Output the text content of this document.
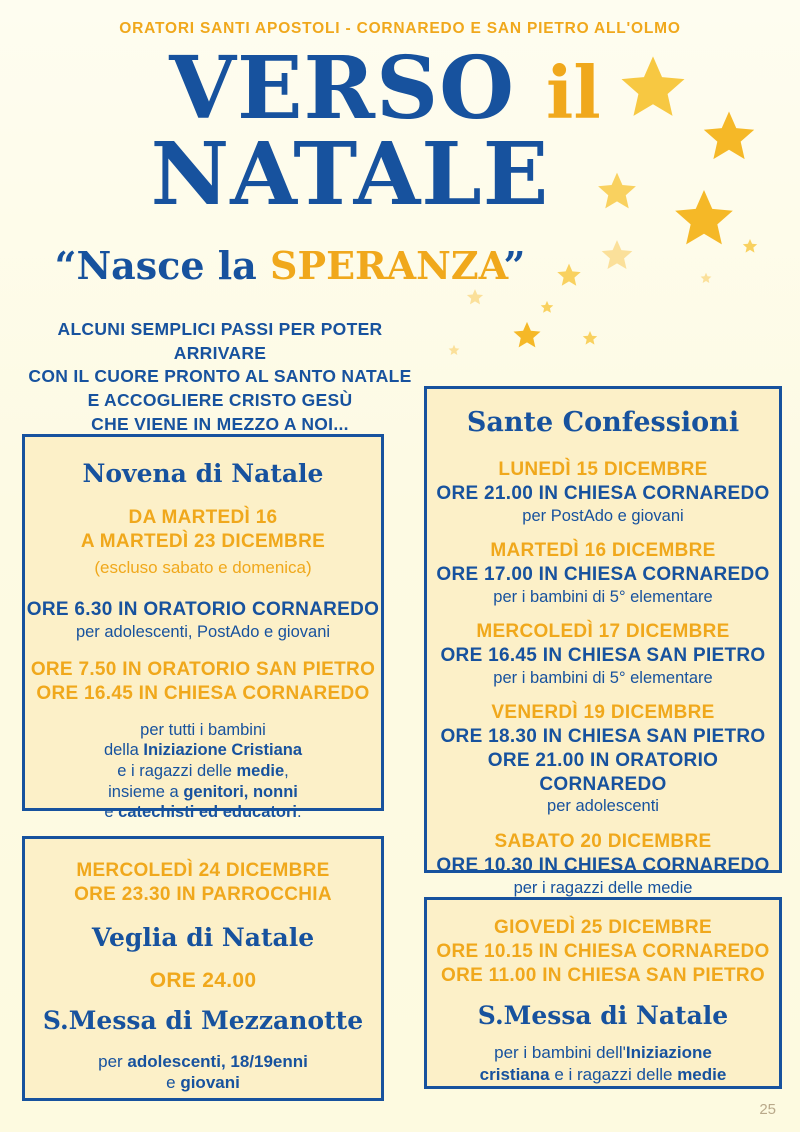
ORATORI SANTI APOSTOLI - CORNAREDO E SAN PIETRO ALL'OLMO
VERSO il
NATALE
“Nasce la SPERANZA”
ALCUNI SEMPLICI PASSI PER POTER ARRIVARE
CON IL CUORE PRONTO AL SANTO NATALE
E ACCOGLIERE CRISTO GESÙ
CHE VIENE IN MEZZO A NOI...
Novena di Natale
DA MARTEDÌ 16
A MARTEDÌ 23 DICEMBRE
(escluso sabato e domenica)
ORE 6.30 IN ORATORIO CORNAREDO
per adolescenti, PostAdo e giovani
ORE 7.50 IN ORATORIO SAN PIETRO
ORE 16.45 IN CHIESA CORNAREDO
per tutti i bambini
della Iniziazione Cristiana
e i ragazzi delle medie,
insieme a genitori, nonni
e catechisti ed educatori.
MERCOLEDÌ 24 DICEMBRE
ORE 23.30 IN PARROCCHIA
Veglia di Natale
ORE 24.00
S.Messa di Mezzanotte
per adolescenti, 18/19enni
e giovani
Sante Confessioni
LUNEDÌ 15 DICEMBRE
ORE 21.00 IN CHIESA CORNAREDO
per PostAdo e giovani
MARTEDÌ 16 DICEMBRE
ORE 17.00 IN CHIESA CORNAREDO
per i bambini di 5° elementare
MERCOLEDÌ 17 DICEMBRE
ORE 16.45 IN CHIESA SAN PIETRO
per i bambini di 5° elementare
VENERDÌ 19 DICEMBRE
ORE 18.30 IN CHIESA SAN PIETRO
ORE 21.00 IN ORATORIO CORNAREDO
per adolescenti
SABATO 20 DICEMBRE
ORE 10.30 IN CHIESA CORNAREDO
per i ragazzi delle medie
GIOVEDÌ 25 DICEMBRE
ORE 10.15 IN CHIESA CORNAREDO
ORE 11.00 IN CHIESA SAN PIETRO
S.Messa di Natale
per i bambini dell'Iniziazione
cristiana e i ragazzi delle medie
25
